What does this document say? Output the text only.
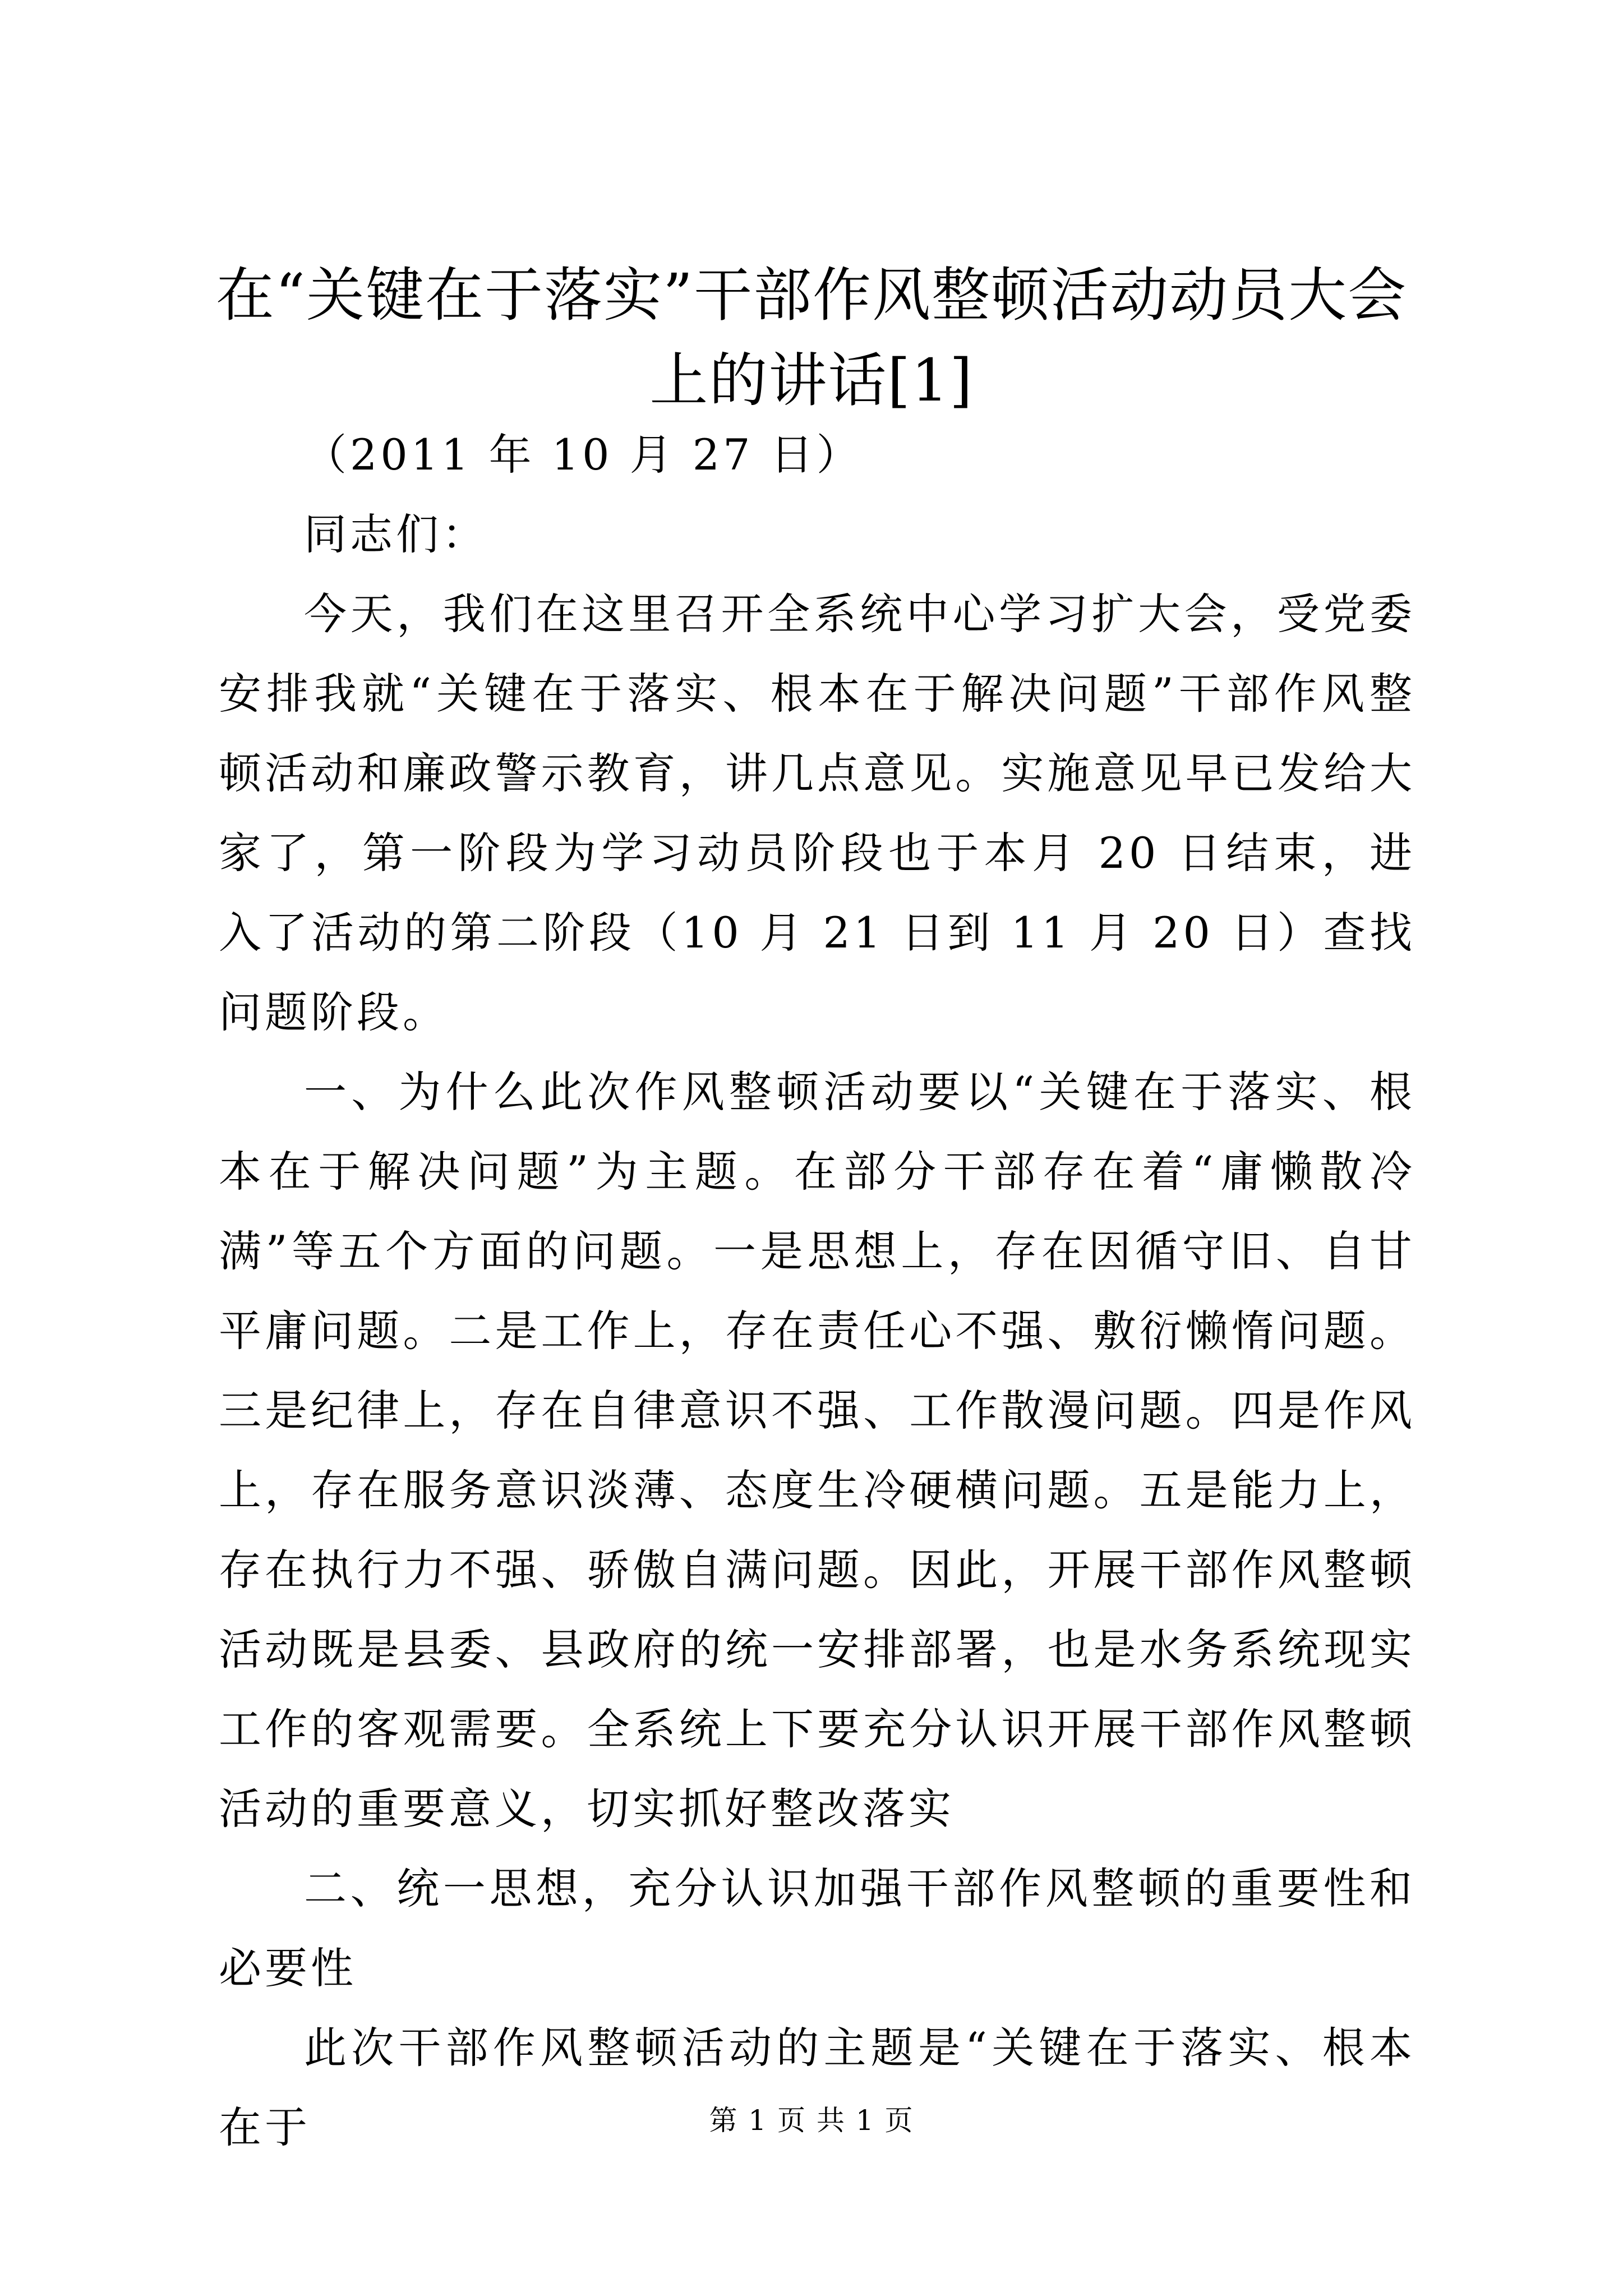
在“关键在于落实”干部作风整顿活动动员大会上的讲话[1]

（2011 年 10 月 27 日）

同志们：

今天，我们在这里召开全系统中心学习扩大会，受党委安排我就“关键在于落实、根本在于解决问题”干部作风整顿活动和廉政警示教育，讲几点意见。实施意见早已发给大家了，第一阶段为学习动员阶段也于本月 20 日结束，进入了活动的第二阶段（10 月 21 日到 11 月 20 日）查找问题阶段。

一、为什么此次作风整顿活动要以“关键在于落实、根本在于解决问题”为主题。在部分干部存在着“庸懒散冷满”等五个方面的问题。一是思想上，存在因循守旧、自甘平庸问题。二是工作上，存在责任心不强、敷衍懒惰问题。三是纪律上，存在自律意识不强、工作散漫问题。四是作风上，存在服务意识淡薄、态度生冷硬横问题。五是能力上，存在执行力不强、骄傲自满问题。因此，开展干部作风整顿活动既是县委、县政府的统一安排部署，也是水务系统现实工作的客观需要。全系统上下要充分认识开展干部作风整顿活动的重要意义，切实抓好整改落实

二、统一思想，充分认识加强干部作风整顿的重要性和必要性

此次干部作风整顿活动的主题是“关键在于落实、根本在于	第 1 页 共 1 页
